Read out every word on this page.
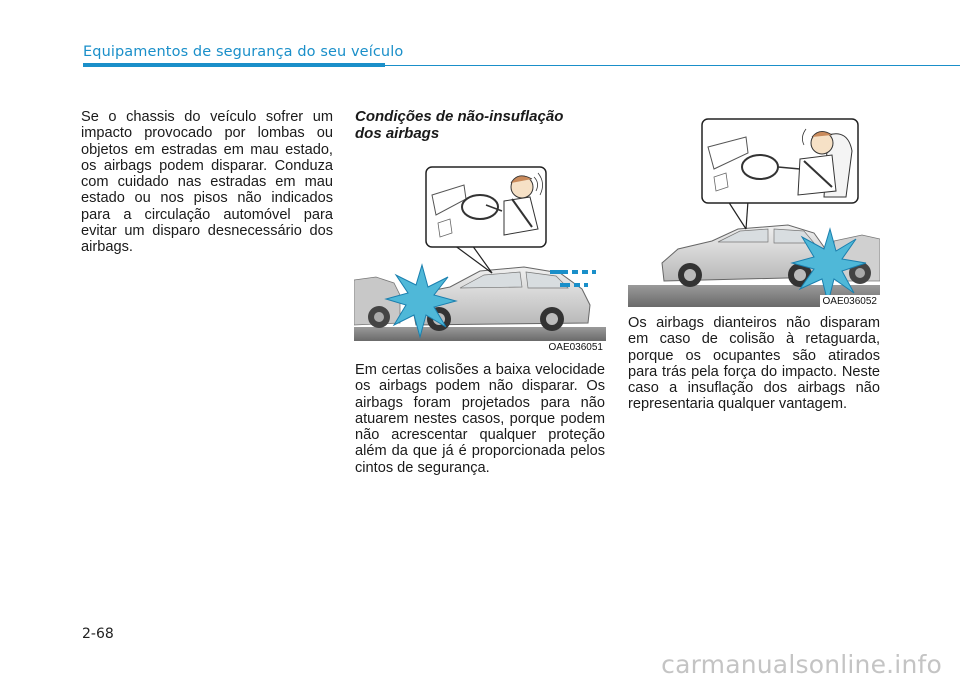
Equipamentos de segurança do seu veículo

Se o chassis do veículo sofrer um impacto provocado por lombas ou objetos em estradas em mau estado, os airbags podem disparar. Conduza com cuidado nas estradas em mau estado ou nos pisos não indicados para a circulação automóvel para evitar um disparo desnecessário dos airbags.

Condições de não-insuflação
dos airbags
OAE036051

Em certas colisões a baixa velocidade os airbags podem não disparar. Os airbags foram projetados para não atuarem nestes casos, porque podem não acrescentar qualquer proteção além da que já é proporcionada pelos cintos de segurança.

OAE036052

Os airbags dianteiros não disparam em caso de colisão à retaguarda, porque os ocupantes são atirados para trás pela força do impacto. Neste caso a insuflação dos airbags não representaria qualquer vantagem.

2-68
carmanualsonline.info
